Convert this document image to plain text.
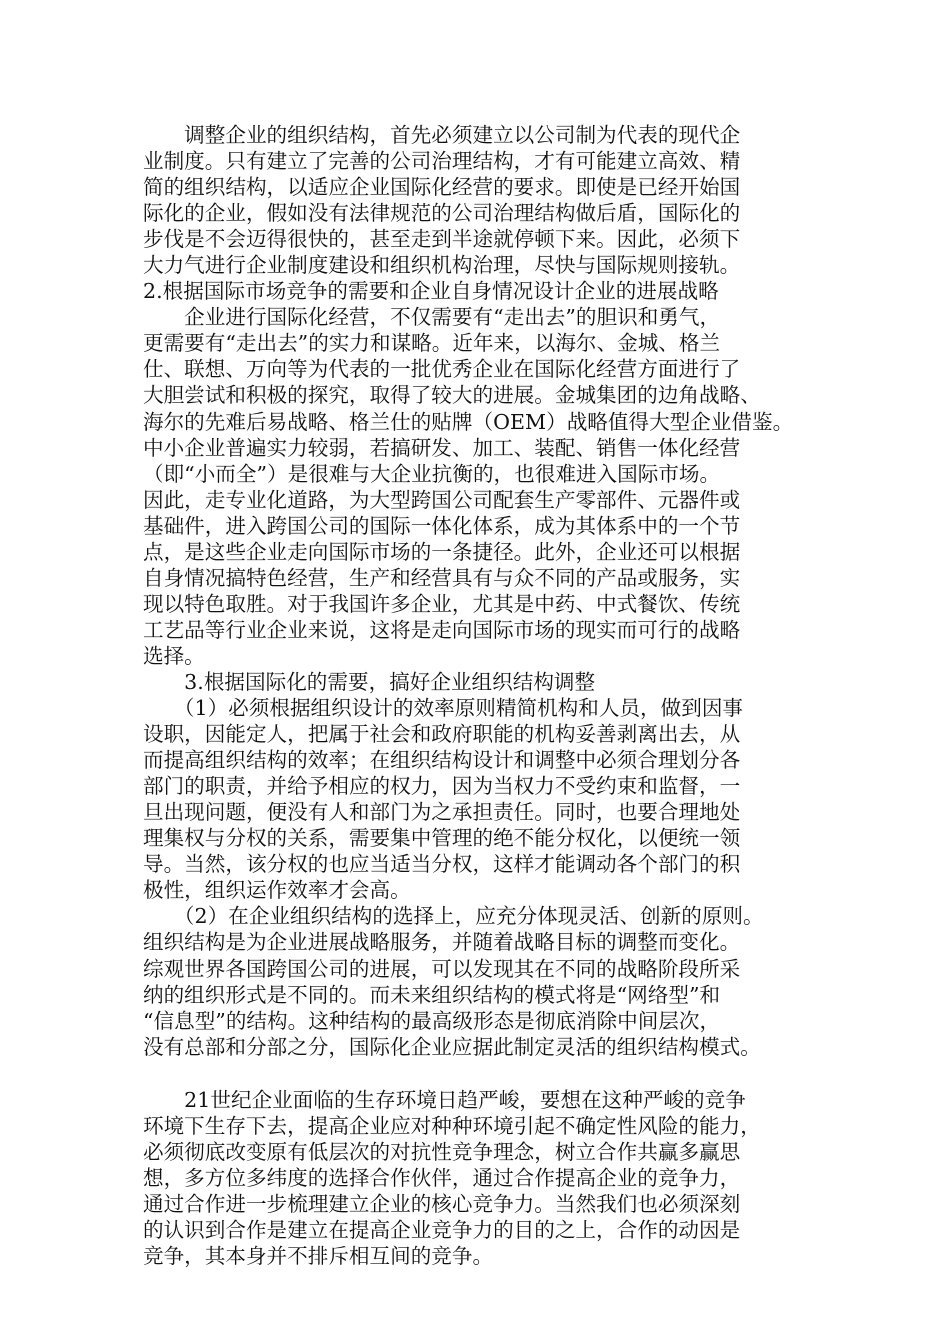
　　调整企业的组织结构，首先必须建立以公司制为代表的现代企
业制度。只有建立了完善的公司治理结构，才有可能建立高效、精
简的组织结构，以适应企业国际化经营的要求。即使是已经开始国
际化的企业，假如没有法律规范的公司治理结构做后盾，国际化的
步伐是不会迈得很快的，甚至走到半途就停顿下来。因此，必须下
大力气进行企业制度建设和组织机构治理，尽快与国际规则接轨。
2.根据国际市场竞争的需要和企业自身情况设计企业的进展战略
　　企业进行国际化经营，不仅需要有“走出去”的胆识和勇气，
更需要有“走出去”的实力和谋略。近年来，以海尔、金城、格兰
仕、联想、万向等为代表的一批优秀企业在国际化经营方面进行了
大胆尝试和积极的探究，取得了较大的进展。金城集团的边角战略、
海尔的先难后易战略、格兰仕的贴牌（OEM）战略值得大型企业借鉴。
中小企业普遍实力较弱，若搞研发、加工、装配、销售一体化经营
（即“小而全”）是很难与大企业抗衡的，也很难进入国际市场。
因此，走专业化道路，为大型跨国公司配套生产零部件、元器件或
基础件，进入跨国公司的国际一体化体系，成为其体系中的一个节
点，是这些企业走向国际市场的一条捷径。此外，企业还可以根据
自身情况搞特色经营，生产和经营具有与众不同的产品或服务，实
现以特色取胜。对于我国许多企业，尤其是中药、中式餐饮、传统
工艺品等行业企业来说，这将是走向国际市场的现实而可行的战略
选择。
　　3.根据国际化的需要，搞好企业组织结构调整
　　（1）必须根据组织设计的效率原则精简机构和人员，做到因事
设职，因能定人，把属于社会和政府职能的机构妥善剥离出去，从
而提高组织结构的效率；在组织结构设计和调整中必须合理划分各
部门的职责，并给予相应的权力，因为当权力不受约束和监督，一
旦出现问题，便没有人和部门为之承担责任。同时，也要合理地处
理集权与分权的关系，需要集中管理的绝不能分权化，以便统一领
导。当然，该分权的也应当适当分权，这样才能调动各个部门的积
极性，组织运作效率才会高。
　　（2）在企业组织结构的选择上，应充分体现灵活、创新的原则。
组织结构是为企业进展战略服务，并随着战略目标的调整而变化。
综观世界各国跨国公司的进展，可以发现其在不同的战略阶段所采
纳的组织形式是不同的。而未来组织结构的模式将是“网络型”和
“信息型”的结构。这种结构的最高级形态是彻底消除中间层次，
没有总部和分部之分，国际化企业应据此制定灵活的组织结构模式。
　　21世纪企业面临的生存环境日趋严峻，要想在这种严峻的竞争
环境下生存下去，提高企业应对种种环境引起不确定性风险的能力，
必须彻底改变原有低层次的对抗性竞争理念，树立合作共赢多赢思
想，多方位多纬度的选择合作伙伴，通过合作提高企业的竞争力，
通过合作进一步梳理建立企业的核心竞争力。当然我们也必须深刻
的认识到合作是建立在提高企业竞争力的目的之上，合作的动因是
竞争，其本身并不排斥相互间的竞争。
